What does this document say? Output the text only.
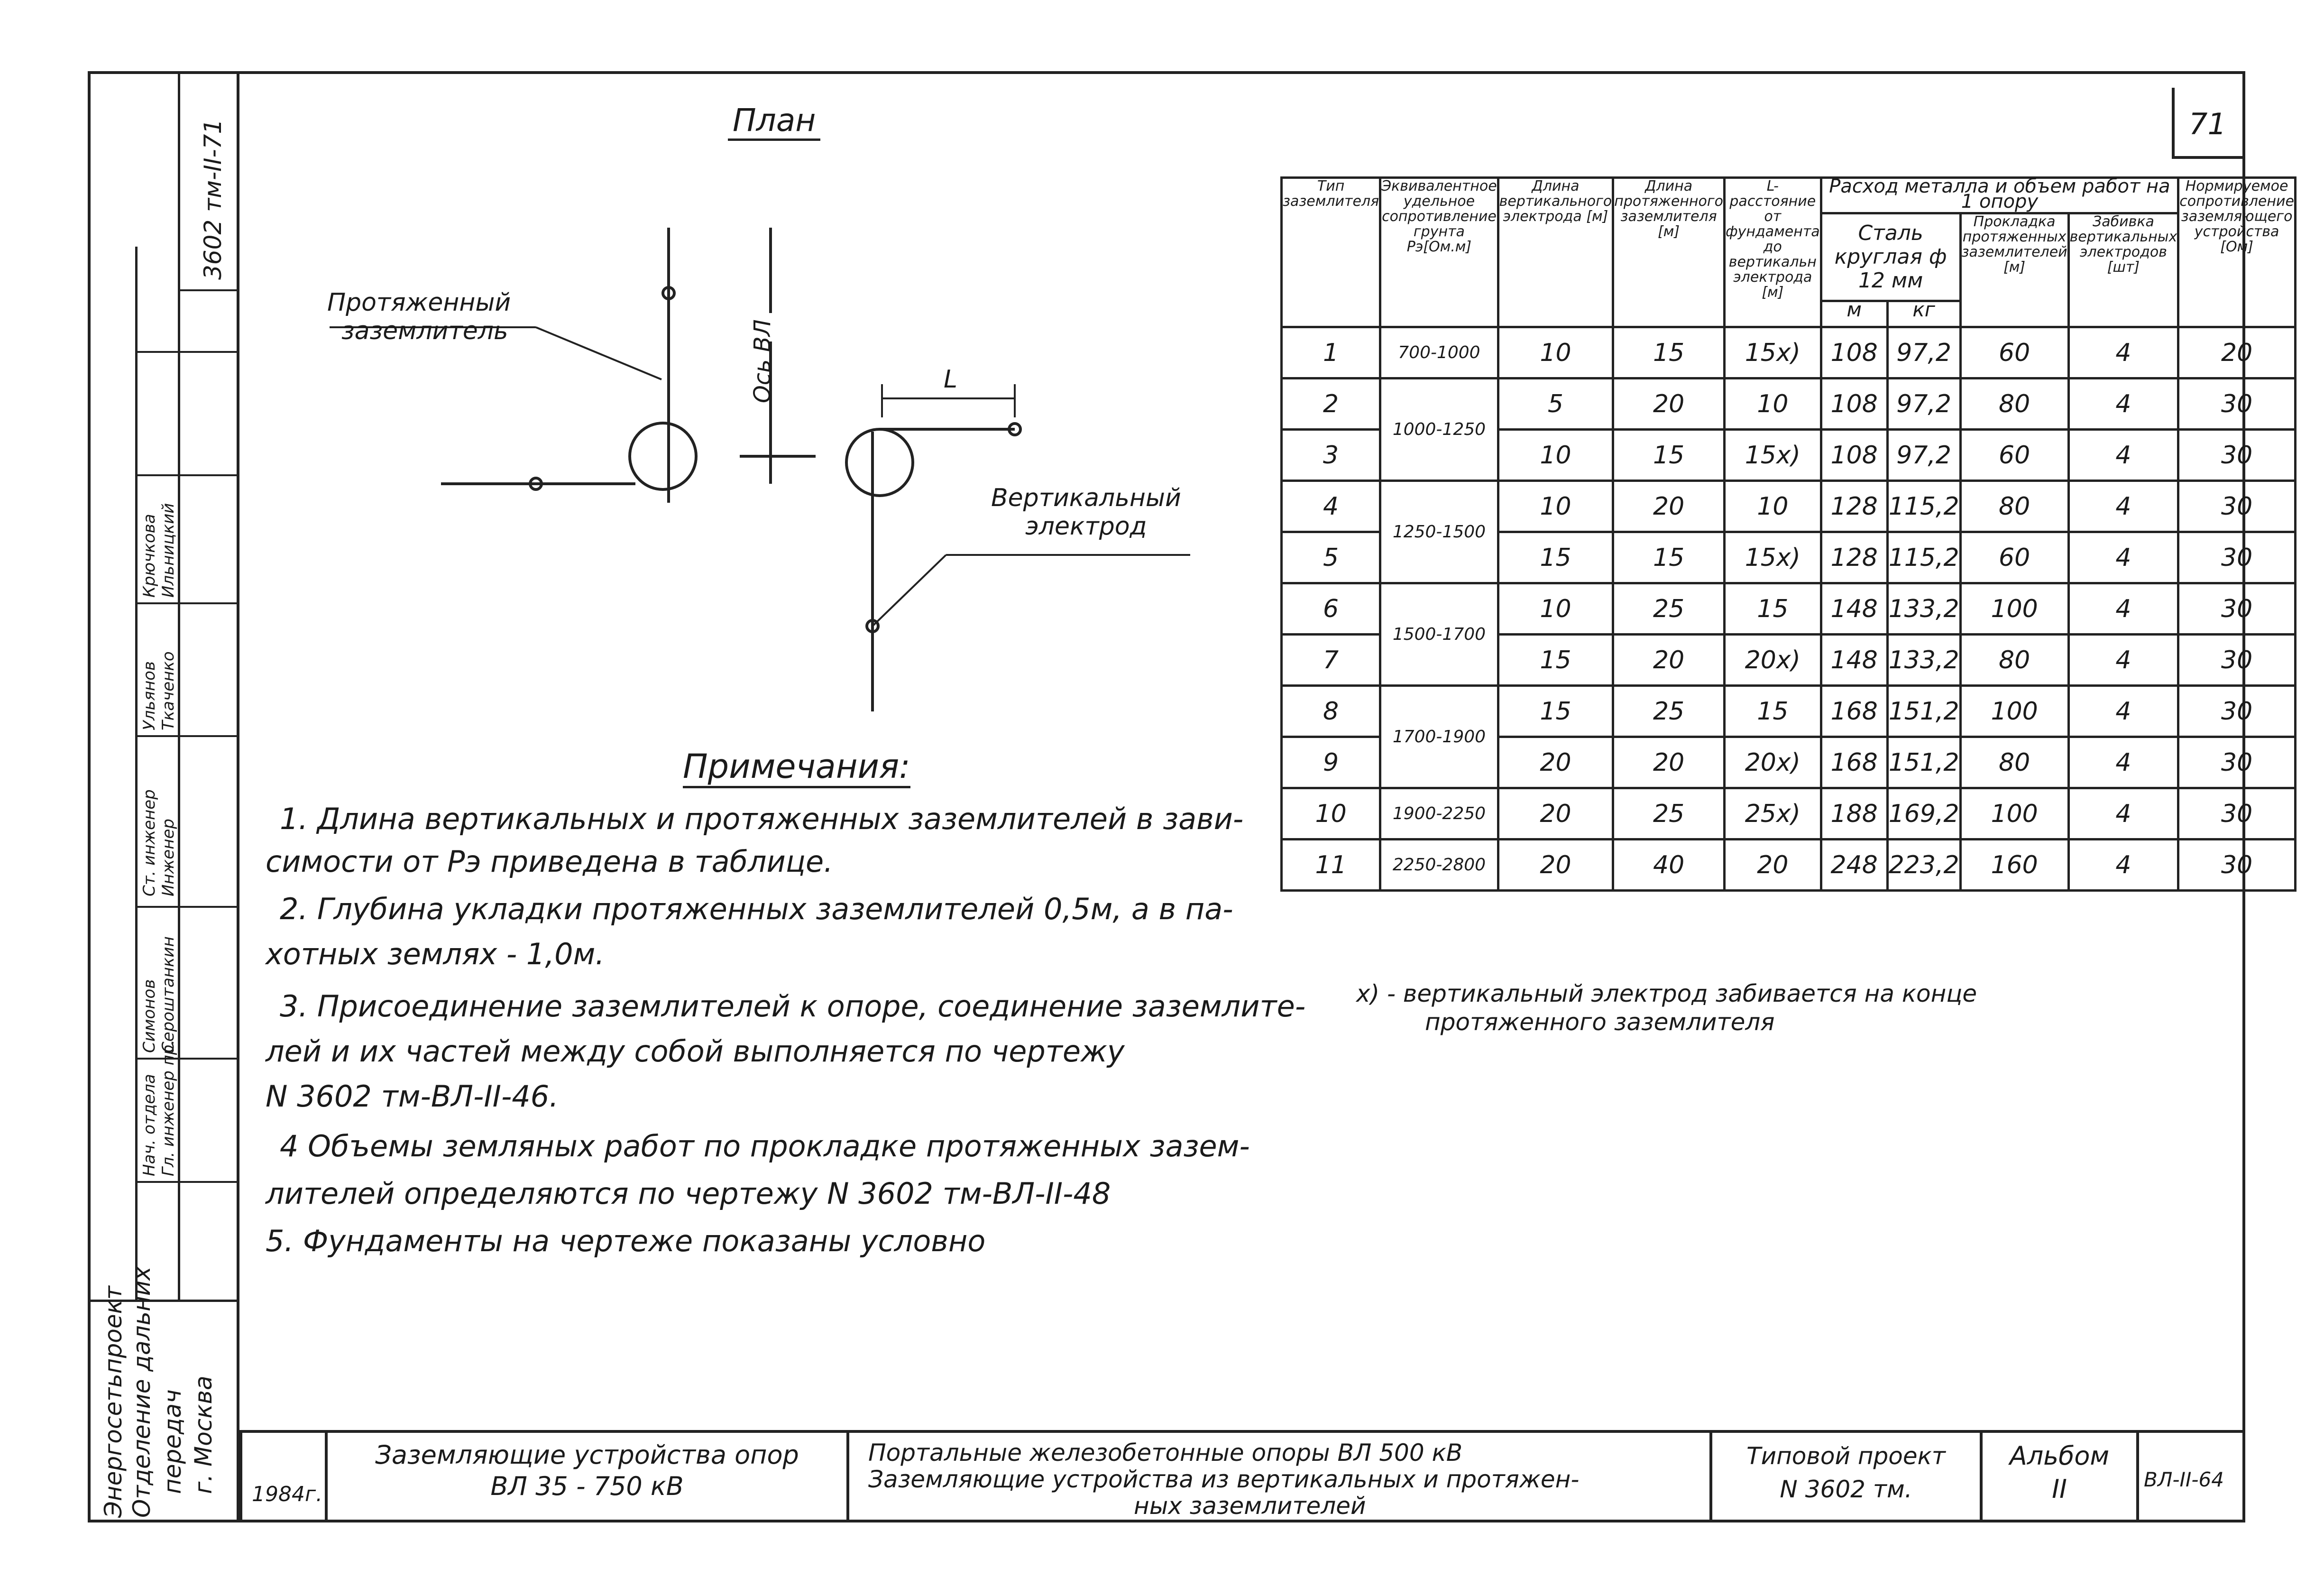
71
3602 тм-II-71
Нач. отдела Гл. инженер пр.
Ст. инженер Инженер
Симонов Сероштанкин
Ульянов Ткаченко
Крючкова Ильницкий
Энергосетьпроект Отделение дальних передач г. Москва
План
Протяженный
заземлитель	Ось ВЛ	L
Вертикальный
электрод
Примечания:
1. Длина вертикальных и протяженных заземлителей в зави-
симости от Pэ приведена в таблице.
2. Глубина укладки протяженных заземлителей 0,5м, а в па-
хотных землях - 1,0м.
3. Присоединение заземлителей к опоре, соединение заземлите-
лей и их частей между собой выполняется по чертежу
N 3602 тм-ВЛ-II-46.
4 Объемы земляных работ по прокладке протяженных зазем-
лителей определяются по чертежу N 3602 тм-ВЛ-II-48
5. Фундаменты на чертеже показаны условно
Тип заземлителя	Эквивалентное удельное сопротивление грунта Pэ[Ом.м]	Длина вертикального электрода [м]	Длина протяженного заземлителя [м]	L-расстояние от фундамента до вертикальн электрода [м]	Расход металла и объем работ на 1 опору				Нормируемое сопротивление заземляющего устройства [Ом]
					Сталь круглая ф 12 мм		Прокладка протяженных заземлителей [м]	Забивка вертикальных электродов [шт]	
					м	кг			
1	700-1000	10	15	15x)	108	97,2	60	4	20
2	1000-1250	5	20	10	108	97,2	80	4	30
3		10	15	15x)	108	97,2	60	4	30
4	1250-1500	10	20	10	128	115,2	80	4	30
5		15	15	15x)	128	115,2	60	4	30
6	1500-1700	10	25	15	148	133,2	100	4	30
7		15	20	20x)	148	133,2	80	4	30
8	1700-1900	15	25	15	168	151,2	100	4	30
9		20	20	20x)	168	151,2	80	4	30
10	1900-2250	20	25	25x)	188	169,2	100	4	30
11	2250-2800	20	40	20	248	223,2	160	4	30
x) - вертикальный электрод забивается на конце
протяженного заземлителя
1984г.
Заземляющие устройства опор
ВЛ 35 - 750 кВ
Портальные железобетонные опоры ВЛ 500 кВ
Заземляющие устройства из вертикальных и протяжен-
ных заземлителей
Типовой проект
N 3602 тм.
Альбом
II	ВЛ-II-64
